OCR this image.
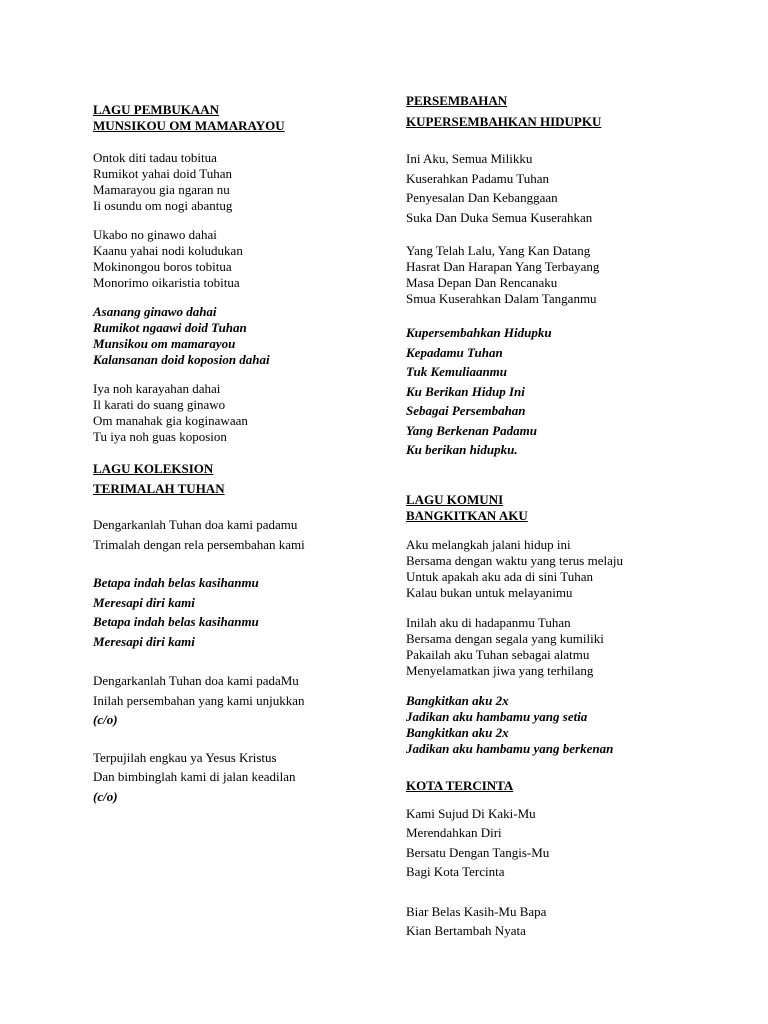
LAGU PEMBUKAAN
MUNSIKOU OM MAMARAYOU
Ontok diti tadau tobitua
Rumikot yahai doid Tuhan
Mamarayou gia ngaran nu
Ii osundu om nogi abantug
Ukabo no ginawo dahai
Kaanu yahai nodi koludukan
Mokinongou boros tobitua
Monorimo oikaristia tobitua
Asanang ginawo dahai
Rumikot ngaawi doid Tuhan
Munsikou om mamarayou
Kalansanan doid koposion dahai
Iya noh karayahan dahai
Il karati do suang ginawo
Om manahak gia koginawaan
Tu iya noh guas koposion
LAGU KOLEKSION
TERIMALAH TUHAN
Dengarkanlah Tuhan doa kami padamu
Trimalah dengan rela persembahan kami
Betapa indah belas kasihanmu
Meresapi diri kami
Betapa indah belas kasihanmu
Meresapi diri kami
Dengarkanlah Tuhan doa kami padaMu
Inilah persembahan yang kami unjukkan
(c/o)
Terpujilah engkau ya Yesus Kristus
Dan bimbinglah kami di jalan keadilan
(c/o)
PERSEMBAHAN
KUPERSEMBAHKAN HIDUPKU
Ini Aku, Semua Milikku
Kuserahkan Padamu Tuhan
Penyesalan Dan Kebanggaan
Suka Dan Duka Semua Kuserahkan
Yang Telah Lalu, Yang Kan Datang
Hasrat Dan Harapan Yang Terbayang
Masa Depan Dan Rencanaku
Smua Kuserahkan Dalam Tanganmu
Kupersembahkan Hidupku
Kepadamu Tuhan
Tuk Kemuliaanmu
Ku Berikan Hidup Ini
Sebagai Persembahan
Yang Berkenan Padamu
Ku berikan hidupku.
LAGU KOMUNI
BANGKITKAN AKU
Aku melangkah jalani hidup ini
Bersama dengan waktu yang terus melaju
Untuk apakah aku ada di sini Tuhan
Kalau bukan untuk melayanimu
Inilah aku di hadapanmu Tuhan
Bersama dengan segala yang kumiliki
Pakailah aku Tuhan sebagai alatmu
Menyelamatkan jiwa yang terhilang
Bangkitkan aku 2x
Jadikan aku hambamu yang setia
Bangkitkan aku 2x
Jadikan aku hambamu yang berkenan
KOTA TERCINTA
Kami Sujud Di Kaki-Mu
Merendahkan Diri
Bersatu Dengan Tangis-Mu
Bagi Kota Tercinta
Biar Belas Kasih-Mu Bapa
Kian Bertambah Nyata
